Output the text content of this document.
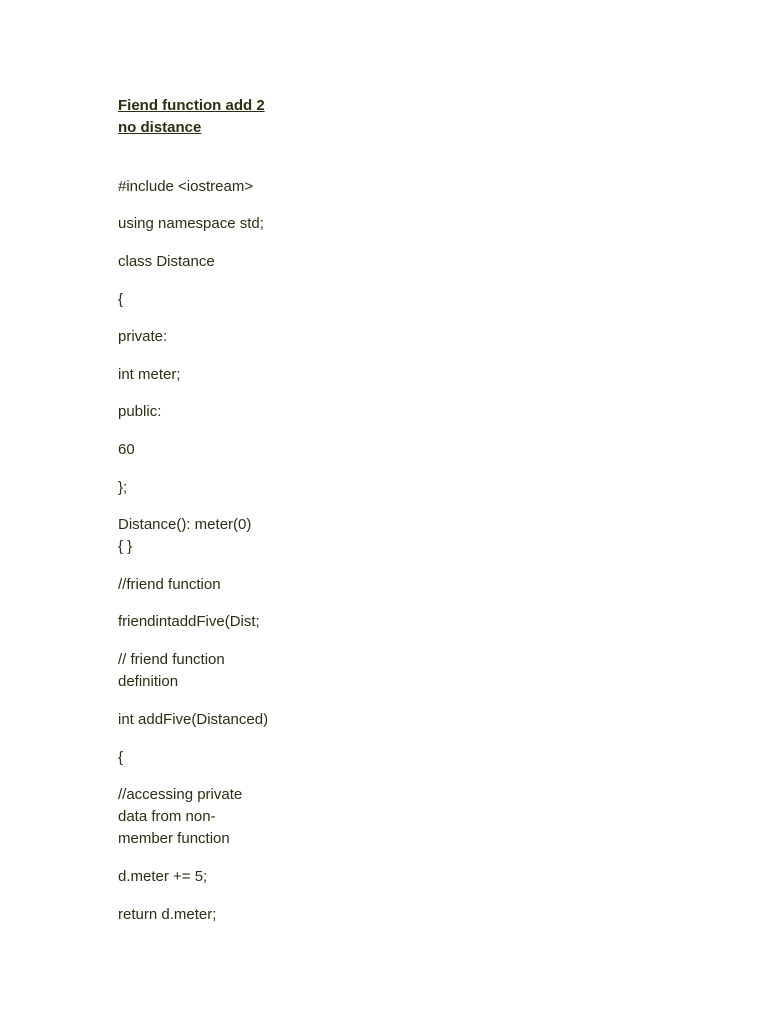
Fiend function add 2
no distance
#include <iostream>
using namespace std;
class Distance
{
private:
int meter;
public:
60
};
Distance(): meter(0)
{ }
//friend function
friendintaddFive(Dist;
// friend function
definition
int addFive(Distanced)
{
//accessing private
data from non-
member function
d.meter += 5;
return d.meter;
